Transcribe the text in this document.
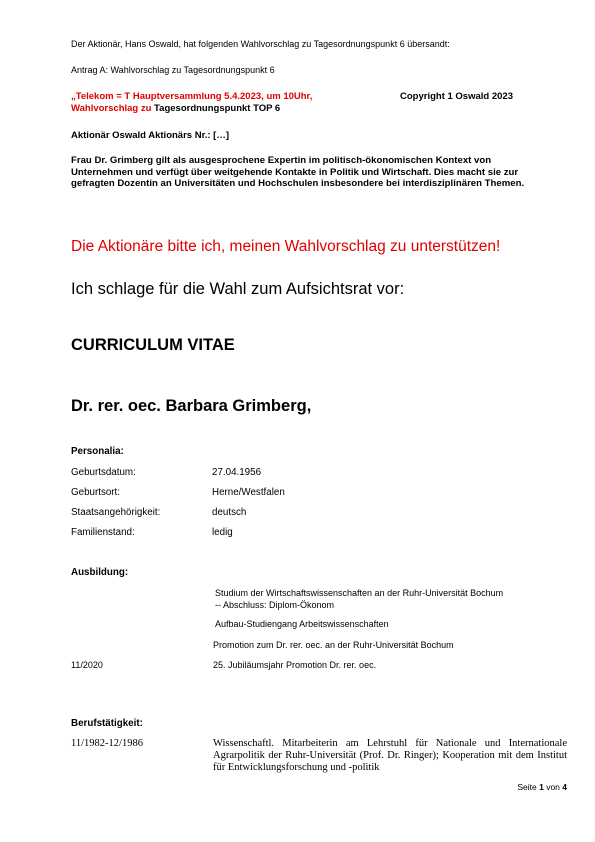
Der Aktionär, Hans Oswald, hat folgenden Wahlvorschlag zu Tagesordnungspunkt 6 übersandt:
Antrag A: Wahlvorschlag zu Tagesordnungspunkt 6
„Telekom = T Hauptversammlung 5.4.2023, um 10Uhr,	Copyright 1 Oswald 2023
Wahlvorschlag zu Tagesordnungspunkt TOP 6
Aktionär Oswald Aktionärs Nr.: […]
Frau Dr. Grimberg gilt als ausgesprochene Expertin im politisch-ökonomischen Kontext von Unternehmen und verfügt über weitgehende Kontakte in Politik und Wirtschaft. Dies macht sie zur gefragten Dozentin an Universitäten und Hochschulen insbesondere bei interdisziplinären Themen.
Die Aktionäre bitte ich, meinen Wahlvorschlag zu unterstützen!
Ich schlage für die Wahl zum Aufsichtsrat vor:
CURRICULUM VITAE
Dr. rer. oec. Barbara Grimberg,
Personalia:
Geburtsdatum:	27.04.1956
Geburtsort:	Herne/Westfalen
Staatsangehörigkeit:	deutsch
Familienstand:	ledig
Ausbildung:
Studium der Wirtschaftswissenschaften an der Ruhr-Universität Bochum
-- Abschluss: Diplom-Ökonom
Aufbau-Studiengang Arbeitswissenschaften
Promotion zum Dr. rer. oec. an der Ruhr-Universität Bochum
11/2020	25. Jubiläumsjahr Promotion Dr. rer. oec.
Berufstätigkeit:
11/1982-12/1986	Wissenschaftl. Mitarbeiterin am Lehrstuhl für Nationale und Internationale Agrarpolitik der Ruhr-Universität (Prof. Dr. Ringer); Kooperation mit dem Institut für Entwicklungsforschung und -politik
Seite 1 von 4
